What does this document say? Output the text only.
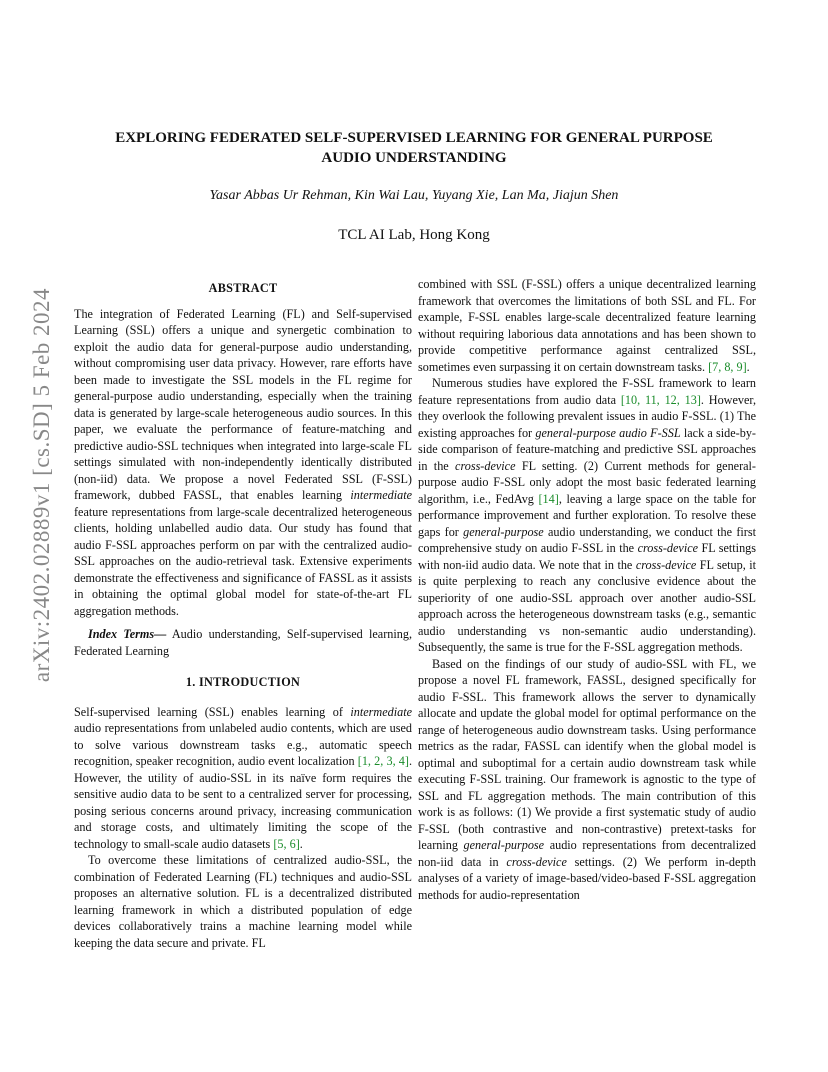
arXiv:2402.02889v1 [cs.SD] 5 Feb 2024
EXPLORING FEDERATED SELF-SUPERVISED LEARNING FOR GENERAL PURPOSE
AUDIO UNDERSTANDING
Yasar Abbas Ur Rehman, Kin Wai Lau, Yuyang Xie, Lan Ma, Jiajun Shen
TCL AI Lab, Hong Kong
ABSTRACT

The integration of Federated Learning (FL) and Self-supervised Learning (SSL) offers a unique and synergetic combination to exploit the audio data for general-purpose audio understanding, without compromising user data privacy. However, rare efforts have been made to investigate the SSL models in the FL regime for general-purpose audio understanding, especially when the training data is generated by large-scale heterogeneous audio sources. In this paper, we evaluate the performance of feature-matching and predictive audio-SSL techniques when integrated into large-scale FL settings simulated with non-independently identically distributed (non-iid) data. We propose a novel Federated SSL (F-SSL) framework, dubbed FASSL, that enables learning intermediate feature representations from large-scale decentralized heterogeneous clients, holding unlabelled audio data. Our study has found that audio F-SSL approaches perform on par with the centralized audio-SSL approaches on the audio-retrieval task. Extensive experiments demonstrate the effectiveness and significance of FASSL as it assists in obtaining the optimal global model for state-of-the-art FL aggregation methods.

Index Terms— Audio understanding, Self-supervised learning, Federated Learning

1. INTRODUCTION

Self-supervised learning (SSL) enables learning of intermediate audio representations from unlabeled audio contents, which are used to solve various downstream tasks e.g., automatic speech recognition, speaker recognition, audio event localization [1, 2, 3, 4]. However, the utility of audio-SSL in its naïve form requires the sensitive audio data to be sent to a centralized server for processing, posing serious concerns around privacy, increasing communication and storage costs, and ultimately limiting the scope of the technology to small-scale audio datasets [5, 6].

To overcome these limitations of centralized audio-SSL, the combination of Federated Learning (FL) techniques and audio-SSL proposes an alternative solution. FL is a decentralized distributed learning framework in which a distributed population of edge devices collaboratively trains a machine learning model while keeping the data secure and private. FL

combined with SSL (F-SSL) offers a unique decentralized learning framework that overcomes the limitations of both SSL and FL. For example, F-SSL enables large-scale decentralized feature learning without requiring laborious data annotations and has been shown to provide competitive performance against centralized SSL, sometimes even surpassing it on certain downstream tasks. [7, 8, 9].

Numerous studies have explored the F-SSL framework to learn feature representations from audio data [10, 11, 12, 13]. However, they overlook the following prevalent issues in audio F-SSL. (1) The existing approaches for general-purpose audio F-SSL lack a side-by-side comparison of feature-matching and predictive SSL approaches in the cross-device FL setting. (2) Current methods for general-purpose audio F-SSL only adopt the most basic federated learning algorithm, i.e., FedAvg [14], leaving a large space on the table for performance improvement and further exploration. To resolve these gaps for general-purpose audio understanding, we conduct the first comprehensive study on audio F-SSL in the cross-device FL settings with non-iid audio data. We note that in the cross-device FL setup, it is quite perplexing to reach any conclusive evidence about the superiority of one audio-SSL approach over another audio-SSL approach across the heterogeneous downstream tasks (e.g., semantic audio understanding vs non-semantic audio understanding). Subsequently, the same is true for the F-SSL aggregation methods.

Based on the findings of our study of audio-SSL with FL, we propose a novel FL framework, FASSL, designed specifically for audio F-SSL. This framework allows the server to dynamically allocate and update the global model for optimal performance on the range of heterogeneous audio downstream tasks. Using performance metrics as the radar, FASSL can identify when the global model is optimal and suboptimal for a certain audio downstream task while executing F-SSL training. Our framework is agnostic to the type of SSL and FL aggregation methods. The main contribution of this work is as follows: (1) We provide a first systematic study of audio F-SSL (both contrastive and non-contrastive) pretext-tasks for learning general-purpose audio representations from decentralized non-iid data in cross-device settings. (2) We perform in-depth analyses of a variety of image-based/video-based F-SSL aggregation methods for audio-representation
